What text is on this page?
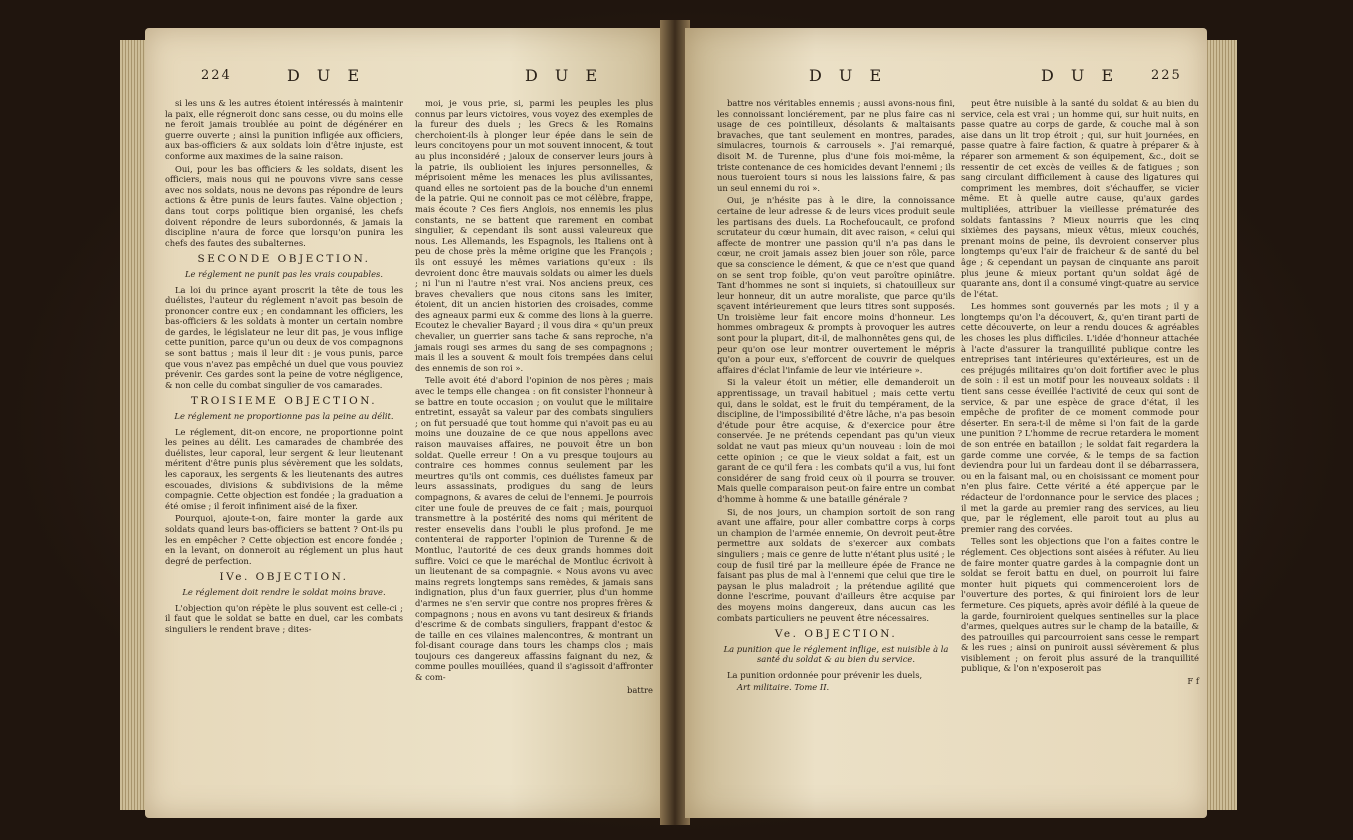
224	D U E	D U E

si les uns & les autres étoient intéressés à maintenir la paix, elle régneroit donc sans cesse, ou du moins elle ne feroit jamais troublée au point de dégénérer en guerre ouverte ; ainsi la punition infligée aux officiers, aux bas-officiers & aux soldats loin d'être injuste, est conforme aux maximes de la saine raison.

Oui, pour les bas officiers & les soldats, disent les officiers, mais nous qui ne pouvons vivre sans cesse avec nos soldats, nous ne devons pas répondre de leurs actions & être punis de leurs fautes. Vaine objection ; dans tout corps politique bien organisé, les chefs doivent répondre de leurs subordonnés, & jamais la discipline n'aura de force que lorsqu'on punira les chefs des fautes des subalternes.

SECONDE OBJECTION.
Le réglement ne punit pas les vrais coupables.

La loi du prince ayant proscrit la tête de tous les duélistes, l'auteur du réglement n'avoit pas besoin de prononcer contre eux ; en condamnant les officiers, les bas-officiers & les soldats à monter un certain nombre de gardes, le législateur ne leur dit pas, je vous inflige cette punition, parce qu'un ou deux de vos compagnons se sont battus ; mais il leur dit : je vous punis, parce que vous n'avez pas empêché un duel que vous pouviez prévenir. Ces gardes sont la peine de votre négligence, & non celle du combat singulier de vos camarades.

TROISIEME OBJECTION.
Le réglement ne proportionne pas la peine au délit.

Le réglement, dit-on encore, ne proportionne point les peines au délit. Les camarades de chambrée des duélistes, leur caporal, leur sergent & leur lieutenant méritent d'être punis plus sévèrement que les soldats, les caporaux, les sergents & les lieutenants des autres escouades, divisions & subdivisions de la même compagnie. Cette objection est fondée ; la graduation a été omise ; il feroit infiniment aisé de la fixer.

Pourquoi, ajoute-t-on, faire monter la garde aux soldats quand leurs bas-officiers se battent ? Ont-ils pu les en empêcher ? Cette objection est encore fondée ; en la levant, on donneroit au réglement un plus haut degré de perfection.

IVe. OBJECTION.
Le réglement doit rendre le soldat moins brave.

L'objection qu'on répète le plus souvent est celle-ci ; il faut que le soldat se batte en duel, car les combats singuliers le rendent brave ; dites-

moi, je vous prie, si, parmi les peuples les plus connus par leurs victoires, vous voyez des exemples de la fureur des duels ; les Grecs & les Romains cherchoient-ils à plonger leur épée dans le sein de leurs concitoyens pour un mot souvent innocent, & tout au plus inconsidéré ; jaloux de conserver leurs jours à la patrie, ils oublioient les injures personnelles, & méprisoient même les menaces les plus avilissantes, quand elles ne sortoient pas de la bouche d'un ennemi de la patrie. Qui ne connoit pas ce mot célèbre, frappe, mais écoute ? Ces fiers Anglois, nos ennemis les plus constants, ne se battent que rarement en combat singulier, & cependant ils sont aussi valeureux que nous. Les Allemands, les Espagnols, les Italiens ont à peu de chose près la même origine que les François ; ils ont essuyé les mêmes variations qu'eux : ils devroient donc être mauvais soldats ou aimer les duels ; ni l'un ni l'autre n'est vrai. Nos anciens preux, ces braves chevaliers que nous citons sans les imiter, étoient, dit un ancien historien des croisades, comme des agneaux parmi eux & comme des lions à la guerre. Ecoutez le chevalier Bayard ; il vous dira « qu'un preux chevalier, un guerrier sans tache & sans reproche, n'a jamais rougi ses armes du sang de ses compagnons ; mais il les a souvent & moult fois trempées dans celui des ennemis de son roi ».

Telle avoit été d'abord l'opinion de nos pères ; mais avec le temps elle changea : on fit consister l'honneur à se battre en toute occasion ; on voulut que le militaire entretint, essayât sa valeur par des combats singuliers ; on fut persuadé que tout homme qui n'avoit pas eu au moins une douzaine de ce que nous appellons avec raison mauvaises affaires, ne pouvoit être un bon soldat. Quelle erreur ! On a vu presque toujours au contraire ces hommes connus seulement par les meurtres qu'ils ont commis, ces duélistes fameux par leurs assassinats, prodigues du sang de leurs compagnons, & avares de celui de l'ennemi. Je pourrois citer une foule de preuves de ce fait ; mais, pourquoi transmettre à la postérité des noms qui méritent de rester ensevelis dans l'oubli le plus profond. Je me contenterai de rapporter l'opinion de Turenne & de Montluc, l'autorité de ces deux grands hommes doit suffire. Voici ce que le maréchal de Montluc écrivoit à un lieutenant de sa compagnie. « Nous avons vu avec mains regrets longtemps sans remèdes, & jamais sans indignation, plus d'un faux guerrier, plus d'un homme d'armes ne s'en servir que contre nos propres frères & compagnons ; nous en avons vu tant desireux & friands d'escrime & de combats singuliers, frappant d'estoc & de taille en ces vilaines malencontres, & montrant un fol-disant courage dans tours les champs clos ; mais toujours ces dangereux affassins faignant du nez, & comme poulles mouillées, quand il s'agissoit d'affronter & com-

battre
D U E	D U E 225

battre nos véritables ennemis ; aussi avons-nous fini, les connoissant lonciérement, par ne plus faire cas ni usage de ces pointilleux, désolants & maltaisants bravaches, que tant seulement en montres, parades, simulacres, tournois & carrousels ». J'ai remarqué, disoit M. de Turenne, plus d'une fois moi-même, la triste contenance de ces homicides devant l'ennemi ; ils nous tueroient tours si nous les laissions faire, & pas un seul ennemi du roi ».

Oui, je n'hésite pas à le dire, la connoissance certaine de leur adresse & de leurs vices produit seule les partisans des duels. La Rochefoucault, ce profond scrutateur du cœur humain, dit avec raison, « celui qui affecte de montrer une passion qu'il n'a pas dans le cœur, ne croit jamais assez bien jouer son rôle, parce que sa conscience le dément, & que ce n'est que quand on se sent trop foible, qu'on veut paroître opiniâtre. Tant d'hommes ne sont si inquiets, si chatouilleux sur leur honneur, dit un autre moraliste, que parce qu'ils sçavent intérieurement que leurs titres sont supposés. Un troisième leur fait encore moins d'honneur. Les hommes ombrageux & prompts à provoquer les autres sont pour la plupart, dit-il, de malhonnêtes gens qui, de peur qu'on ose leur montrer ouvertement le mépris qu'on a pour eux, s'efforcent de couvrir de quelques affaires d'éclat l'infamie de leur vie intérieure ».

Si la valeur étoit un métier, elle demanderoit un apprentissage, un travail habituel ; mais cette vertu qui, dans le soldat, est le fruit du tempérament, de la discipline, de l'impossibilité d'être lâche, n'a pas besoin d'étude pour être acquise, & d'exercice pour être conservée. Je ne prétends cependant pas qu'un vieux soldat ne vaut pas mieux qu'un nouveau : loin de moi cette opinion ; ce que le vieux soldat a fait, est un garant de ce qu'il fera : les combats qu'il a vus, lui font considérer de sang froid ceux où il pourra se trouver. Mais quelle comparaison peut-on faire entre un combat d'homme à homme & une bataille générale ?

Si, de nos jours, un champion sortoit de son rang avant une affaire, pour aller combattre corps à corps un champion de l'armée ennemie, On devroit peut-être permettre aux soldats de s'exercer aux combats singuliers ; mais ce genre de lutte n'étant plus usité ; le coup de fusil tiré par la meilleure épée de France ne faisant pas plus de mal à l'ennemi que celui que tire le paysan le plus maladroit ; la prétendue agilité que donne l'escrime, pouvant d'ailleurs être acquise par des moyens moins dangereux, dans aucun cas les combats particuliers ne peuvent être nécessaires.

Ve. OBJECTION.
La punition que le réglement inflige, est nuisible à la santé du soldat & au bien du service.

La punition ordonnée pour prévenir les duels,

Art militaire. Tome II.

peut être nuisible à la santé du soldat & au bien du service, cela est vrai ; un homme qui, sur huit nuits, en passe quatre au corps de garde, & couche mal à son aise dans un lit trop étroit ; qui, sur huit journées, en passe quatre à faire faction, & quatre à préparer & à réparer son armement & son équipement, &c., doit se ressentir de cet excès de veilles & de fatigues ; son sang circulant difficilement à cause des ligatures qui compriment les membres, doit s'échauffer, se vicier même. Et à quelle autre cause, qu'aux gardes multipliées, attribuer la vieillesse prématurée des soldats fantassins ? Mieux nourris que les cinq sixièmes des paysans, mieux vêtus, mieux couchés, prenant moins de peine, ils devroient conserver plus longtemps qu'eux l'air de fraicheur & de santé du bel âge ; & cependant un paysan de cinquante ans paroit plus jeune & mieux portant qu'un soldat âgé de quarante ans, dont il a consumé vingt-quatre au service de l'état.

Les hommes sont gouvernés par les mots ; il y a longtemps qu'on l'a découvert, &, qu'en tirant parti de cette découverte, on leur a rendu douces & agréables les choses les plus difficiles. L'idée d'honneur attachée à l'acte d'assurer la tranquillité publique contre les entreprises tant intérieures qu'extérieures, est un de ces préjugés militaires qu'on doit fortifier avec le plus de soin : il est un motif pour les nouveaux soldats : il tient sans cesse éveillée l'activité de ceux qui sont de service, & par une espèce de grace d'état, il les empêche de profiter de ce moment commode pour déserter. En sera-t-il de même si l'on fait de la garde une punition ? L'homme de recrue retardera le moment de son entrée en bataillon ; le soldat fait regardera la garde comme une corvée, & le temps de sa faction deviendra pour lui un fardeau dont il se débarrassera, ou en la faisant mal, ou en choisissant ce moment pour n'en plus faire. Cette vérité a été apperçue par le rédacteur de l'ordonnance pour le service des places ; il met la garde au premier rang des services, au lieu que, par le réglement, elle paroit tout au plus au premier rang des corvées.

Telles sont les objections que l'on a faites contre le réglement. Ces objections sont aisées à réfuter. Au lieu de faire monter quatre gardes à la compagnie dont un soldat se feroit battu en duel, on pourroit lui faire monter huit piquets qui commenceroient lors de l'ouverture des portes, & qui finiroient lors de leur fermeture. Ces piquets, après avoir défilé à la queue de la garde, fourniroient quelques sentinelles sur la place d'armes, quelques autres sur le champ de la bataille, & des patrouilles qui parcourroient sans cesse le rempart & les rues ; ainsi on puniroit aussi sévèrement & plus visiblement ; on feroit plus assuré de la tranquillité publique, & l'on n'exposeroit pas

F f
